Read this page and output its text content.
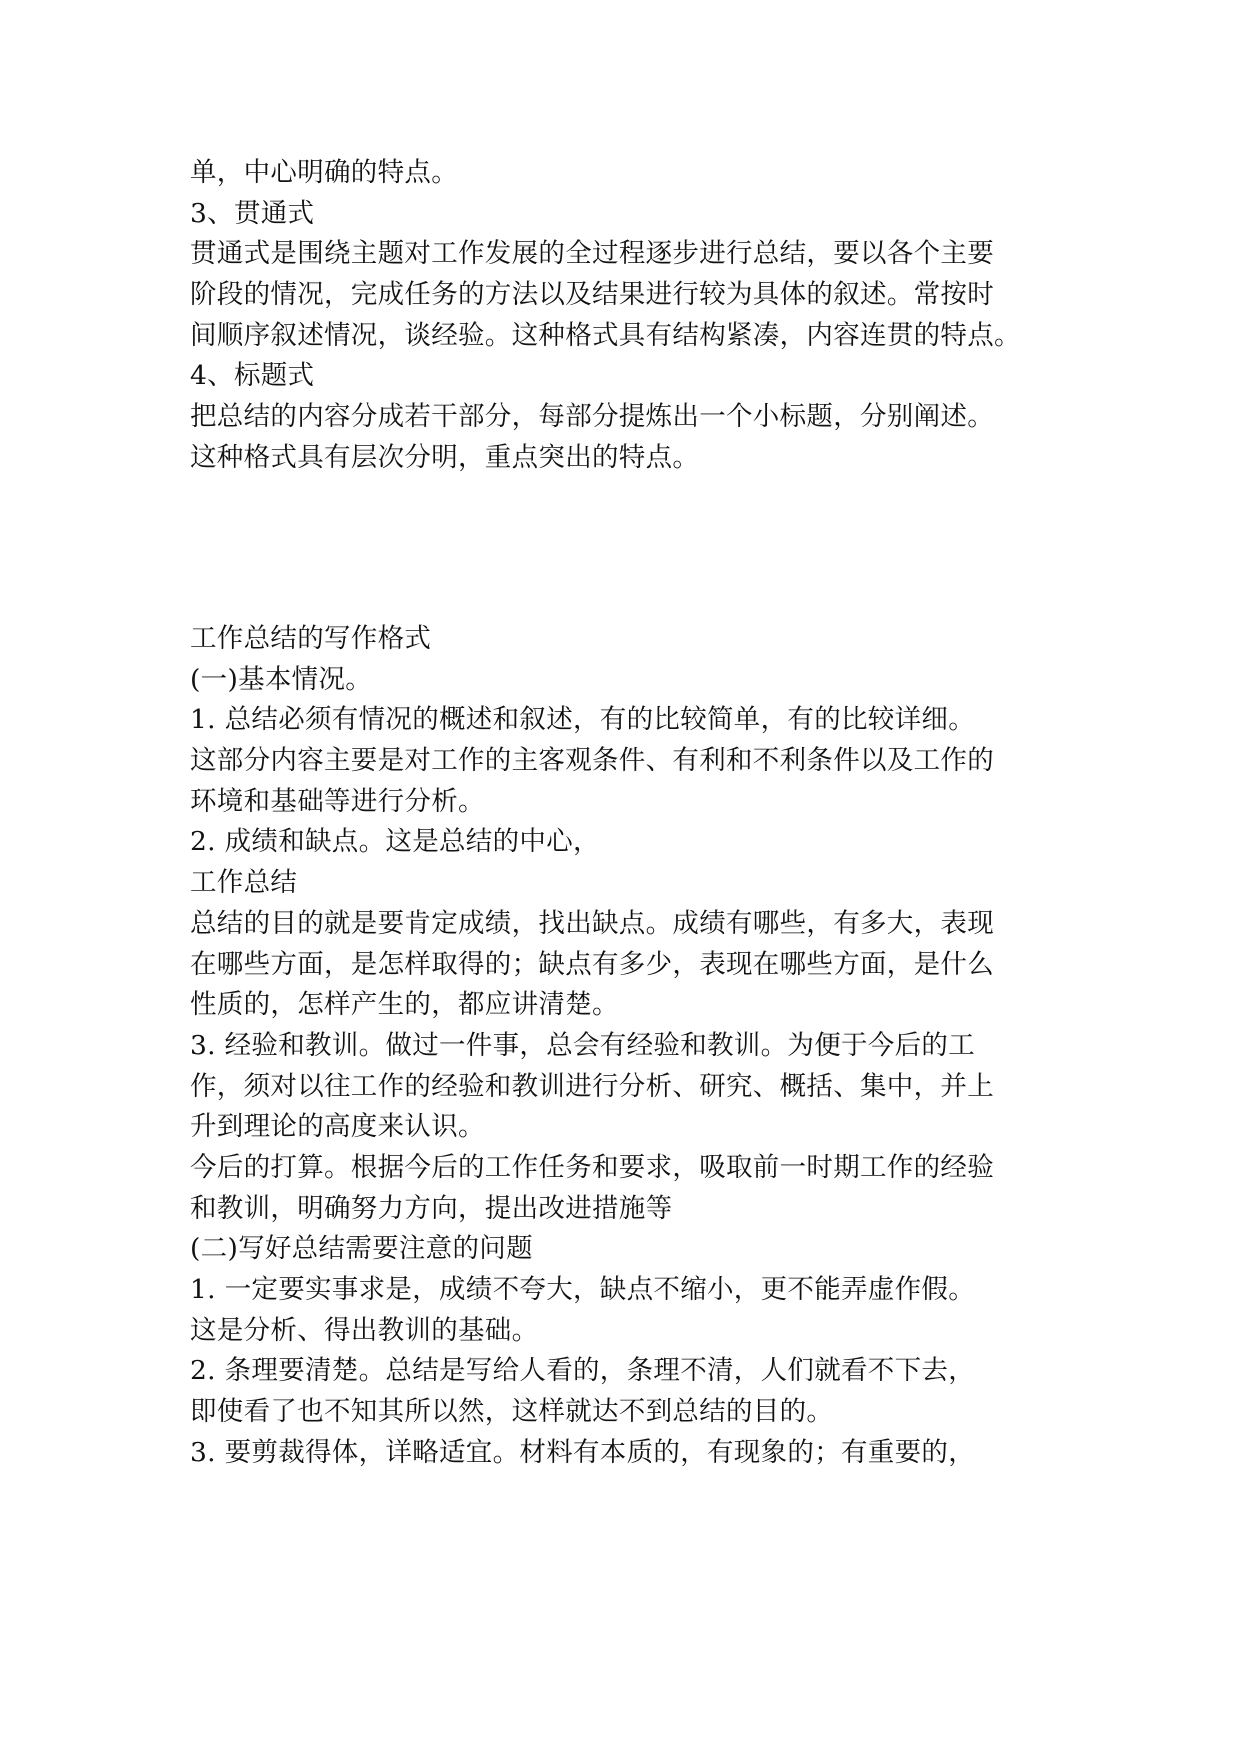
单，中心明确的特点。
3、贯通式
贯通式是围绕主题对工作发展的全过程逐步进行总结，要以各个主要
阶段的情况，完成任务的方法以及结果进行较为具体的叙述。常按时
间顺序叙述情况，谈经验。这种格式具有结构紧凑，内容连贯的特点。
4、标题式
把总结的内容分成若干部分，每部分提炼出一个小标题，分别阐述。
这种格式具有层次分明，重点突出的特点。
工作总结的写作格式
(一)基本情况。
1. 总结必须有情况的概述和叙述，有的比较简单，有的比较详细。
这部分内容主要是对工作的主客观条件、有利和不利条件以及工作的
环境和基础等进行分析。
2. 成绩和缺点。这是总结的中心，
工作总结
总结的目的就是要肯定成绩，找出缺点。成绩有哪些，有多大，表现
在哪些方面，是怎样取得的；缺点有多少，表现在哪些方面，是什么
性质的，怎样产生的，都应讲清楚。
3. 经验和教训。做过一件事，总会有经验和教训。为便于今后的工
作，须对以往工作的经验和教训进行分析、研究、概括、集中，并上
升到理论的高度来认识。
今后的打算。根据今后的工作任务和要求，吸取前一时期工作的经验
和教训，明确努力方向，提出改进措施等
(二)写好总结需要注意的问题
1. 一定要实事求是，成绩不夸大，缺点不缩小，更不能弄虚作假。
这是分析、得出教训的基础。
2. 条理要清楚。总结是写给人看的，条理不清，人们就看不下去，
即使看了也不知其所以然，这样就达不到总结的目的。
3. 要剪裁得体，详略适宜。材料有本质的，有现象的；有重要的，
